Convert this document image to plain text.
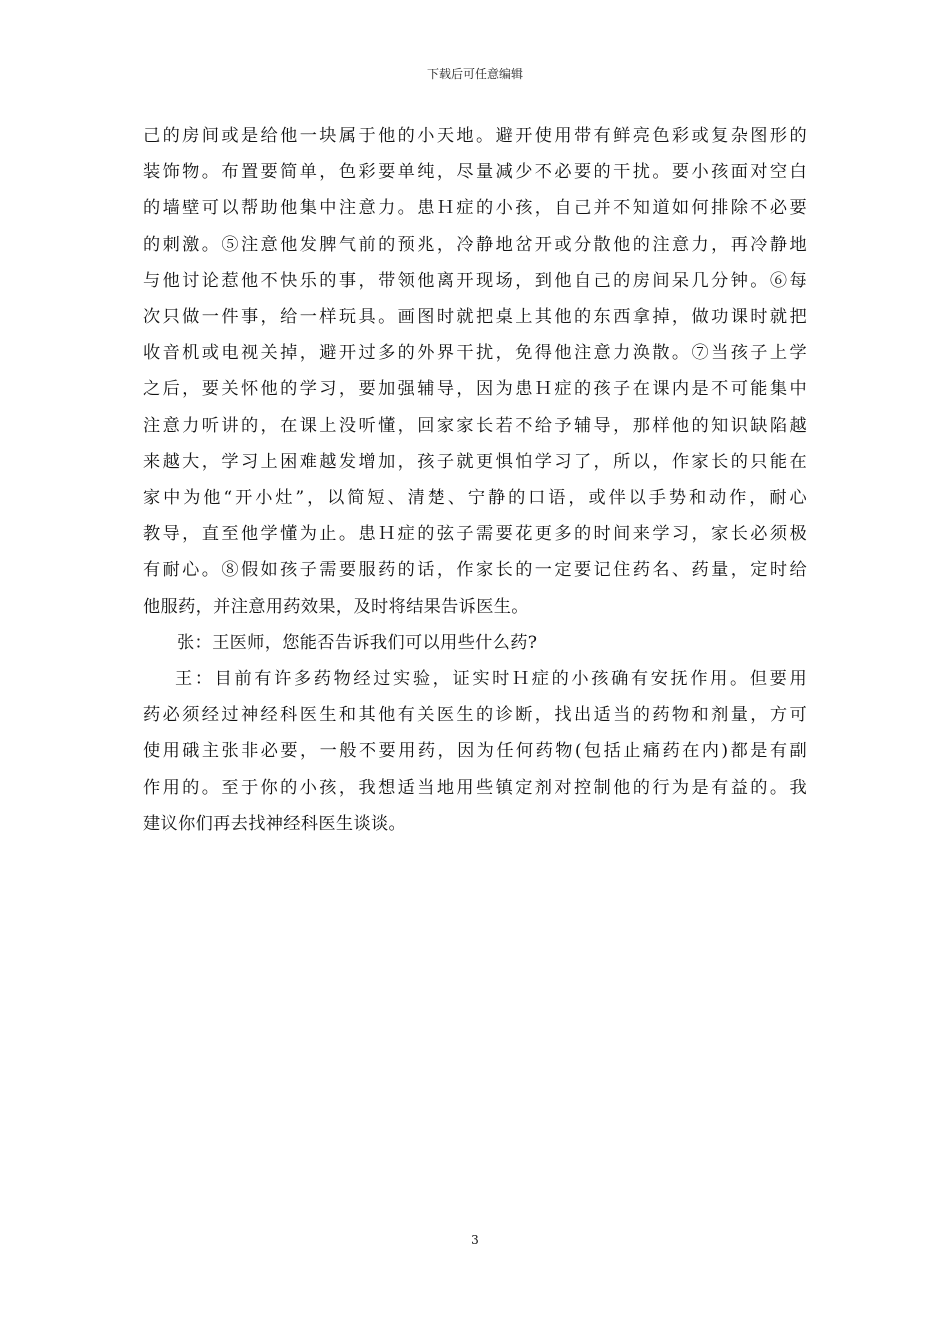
下载后可任意编辑
己的房间或是给他一块属于他的小天地。避开使用带有鲜亮色彩或复杂图形的
装饰物。布置要简单，色彩要单纯，尽量减少不必要的干扰。要小孩面对空白
的墙壁可以帮助他集中注意力。患Ｈ症的小孩，自己并不知道如何排除不必要
的刺激。⑤注意他发脾气前的预兆，冷静地岔开或分散他的注意力，再冷静地
与他讨论惹他不快乐的事，带领他离开现场，到他自己的房间呆几分钟。⑥每
次只做一件事，给一样玩具。画图时就把桌上其他的东西拿掉，做功课时就把
收音机或电视关掉，避开过多的外界干扰，免得他注意力涣散。⑦当孩子上学
之后，要关怀他的学习，要加强辅导，因为患Ｈ症的孩子在课内是不可能集中
注意力听讲的，在课上没听懂，回家家长若不给予辅导，那样他的知识缺陷越
来越大，学习上困难越发增加，孩子就更惧怕学习了，所以，作家长的只能在
家中为他“开小灶”，以简短、清楚、宁静的口语，或伴以手势和动作，耐心
教导，直至他学懂为止。患Ｈ症的弦子需要花更多的时间来学习，家长必须极
有耐心。⑧假如孩子需要服药的话，作家长的一定要记住药名、药量，定时给
他服药，并注意用药效果，及时将结果告诉医生。
张：王医师，您能否告诉我们可以用些什么药?
王：目前有许多药物经过实验，证实时Ｈ症的小孩确有安抚作用。但要用
药必须经过神经科医生和其他有关医生的诊断，找出适当的药物和剂量，方可
使用硪主张非必要，一般不要用药，因为任何药物(包括止痛药在内)都是有副
作用的。至于你的小孩，我想适当地用些镇定剂对控制他的行为是有益的。我
建议你们再去找神经科医生谈谈。
3
